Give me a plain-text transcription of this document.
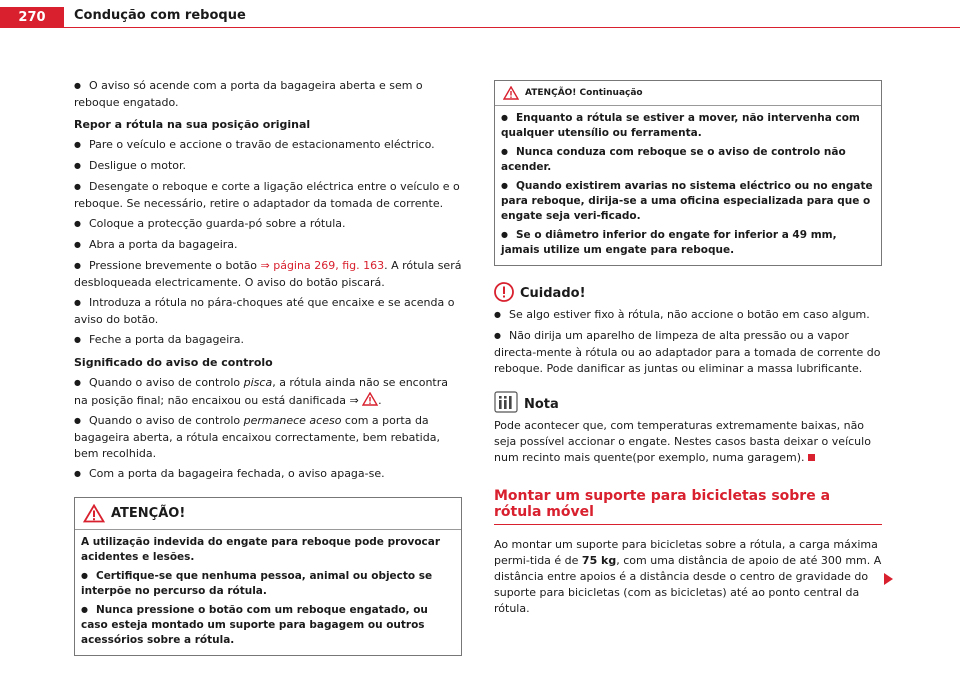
270	Condução com reboque

● O aviso só acende com a porta da bagageira aberta e sem o reboque engatado.

Repor a rótula na sua posição original

● Pare o veículo e accione o travão de estacionamento eléctrico.

● Desligue o motor.

● Desengate o reboque e corte a ligação eléctrica entre o veículo e o reboque. Se necessário, retire o adaptador da tomada de corrente.

● Coloque a protecção guarda-pó sobre a rótula.

● Abra a porta da bagageira.

● Pressione brevemente o botão ⇒ página 269, fig. 163. A rótula será desbloqueada electricamente. O aviso do botão piscará.

● Introduza a rótula no pára-choques até que encaixe e se acenda o aviso do botão.

● Feche a porta da bagageira.

Significado do aviso de controlo

● Quando o aviso de controlo pisca, a rótula ainda não se encontra na posição final; não encaixou ou está danificada ⇒ .

● Quando o aviso de controlo permanece aceso com a porta da bagageira aberta, a rótula encaixou correctamente, bem rebatida, bem recolhida.

● Com a porta da bagageira fechada, o aviso apaga-se.

ATENÇÃO!

A utilização indevida do engate para reboque pode provocar acidentes e lesões.

● Certifique-se que nenhuma pessoa, animal ou objecto se interpõe no percurso da rótula.

● Nunca pressione o botão com um reboque engatado, ou caso esteja montado um suporte para bagagem ou outros acessórios sobre a rótula.

ATENÇÃO! Continuação

● Enquanto a rótula se estiver a mover, não intervenha com qualquer utensílio ou ferramenta.

● Nunca conduza com reboque se o aviso de controlo não acender.

● Quando existirem avarias no sistema eléctrico ou no engate para reboque, dirija-se a uma oficina especializada para que o engate seja veri-ficado.

● Se o diâmetro inferior do engate for inferior a 49 mm, jamais utilize um engate para reboque.

Cuidado!

● Se algo estiver fixo à rótula, não accione o botão em caso algum.

● Não dirija um aparelho de limpeza de alta pressão ou a vapor directa-mente à rótula ou ao adaptador para a tomada de corrente do reboque. Pode danificar as juntas ou eliminar a massa lubrificante.

Nota

Pode acontecer que, com temperaturas extremamente baixas, não seja possível accionar o engate. Nestes casos basta deixar o veículo num recinto mais quente(por exemplo, numa garagem).

Montar um suporte para bicicletas sobre a rótula móvel

Ao montar um suporte para bicicletas sobre a rótula, a carga máxima permi-tida é de 75 kg, com uma distância de apoio de até 300 mm. A distância entre apoios é a distância desde o centro de gravidade do suporte para bicicletas (com as bicicletas) até ao ponto central da rótula.
